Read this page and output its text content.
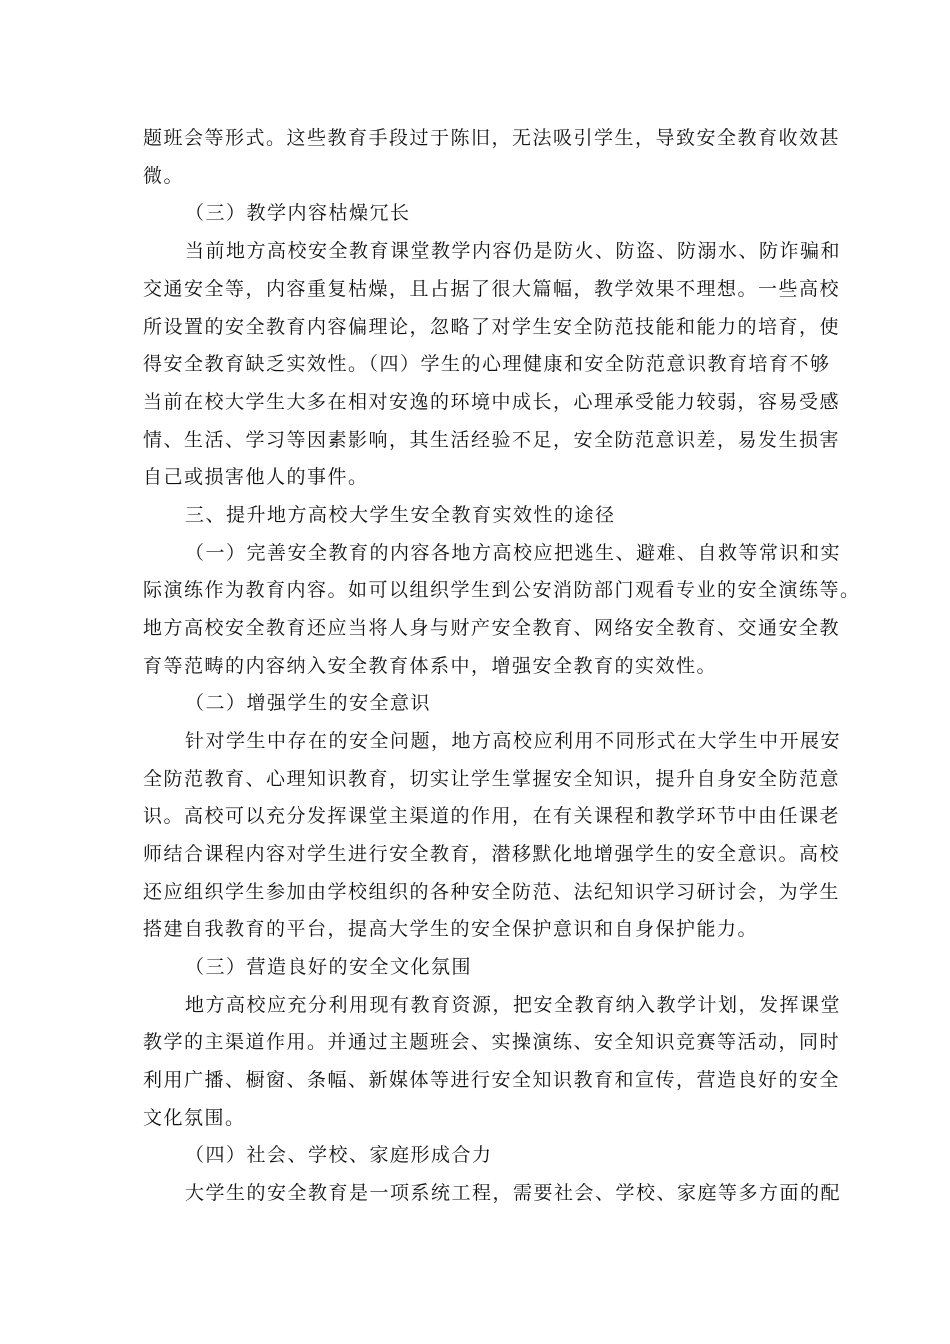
题班会等形式。这些教育手段过于陈旧，无法吸引学生，导致安全教育收效甚
微。
（三）教学内容枯燥冗长
当前地方高校安全教育课堂教学内容仍是防火、防盗、防溺水、防诈骗和
交通安全等，内容重复枯燥，且占据了很大篇幅，教学效果不理想。一些高校
所设置的安全教育内容偏理论，忽略了对学生安全防范技能和能力的培育，使
得安全教育缺乏实效性。（四）学生的心理健康和安全防范意识教育培育不够
当前在校大学生大多在相对安逸的环境中成长，心理承受能力较弱，容易受感
情、生活、学习等因素影响，其生活经验不足，安全防范意识差，易发生损害
自己或损害他人的事件。
三、提升地方高校大学生安全教育实效性的途径
（一）完善安全教育的内容各地方高校应把逃生、避难、自救等常识和实
际演练作为教育内容。如可以组织学生到公安消防部门观看专业的安全演练等。
地方高校安全教育还应当将人身与财产安全教育、网络安全教育、交通安全教
育等范畴的内容纳入安全教育体系中，增强安全教育的实效性。
（二）增强学生的安全意识
针对学生中存在的安全问题，地方高校应利用不同形式在大学生中开展安
全防范教育、心理知识教育，切实让学生掌握安全知识，提升自身安全防范意
识。高校可以充分发挥课堂主渠道的作用，在有关课程和教学环节中由任课老
师结合课程内容对学生进行安全教育，潜移默化地增强学生的安全意识。高校
还应组织学生参加由学校组织的各种安全防范、法纪知识学习研讨会，为学生
搭建自我教育的平台，提高大学生的安全保护意识和自身保护能力。
（三）营造良好的安全文化氛围
地方高校应充分利用现有教育资源，把安全教育纳入教学计划，发挥课堂
教学的主渠道作用。并通过主题班会、实操演练、安全知识竞赛等活动，同时
利用广播、橱窗、条幅、新媒体等进行安全知识教育和宣传，营造良好的安全
文化氛围。
（四）社会、学校、家庭形成合力
大学生的安全教育是一项系统工程，需要社会、学校、家庭等多方面的配
